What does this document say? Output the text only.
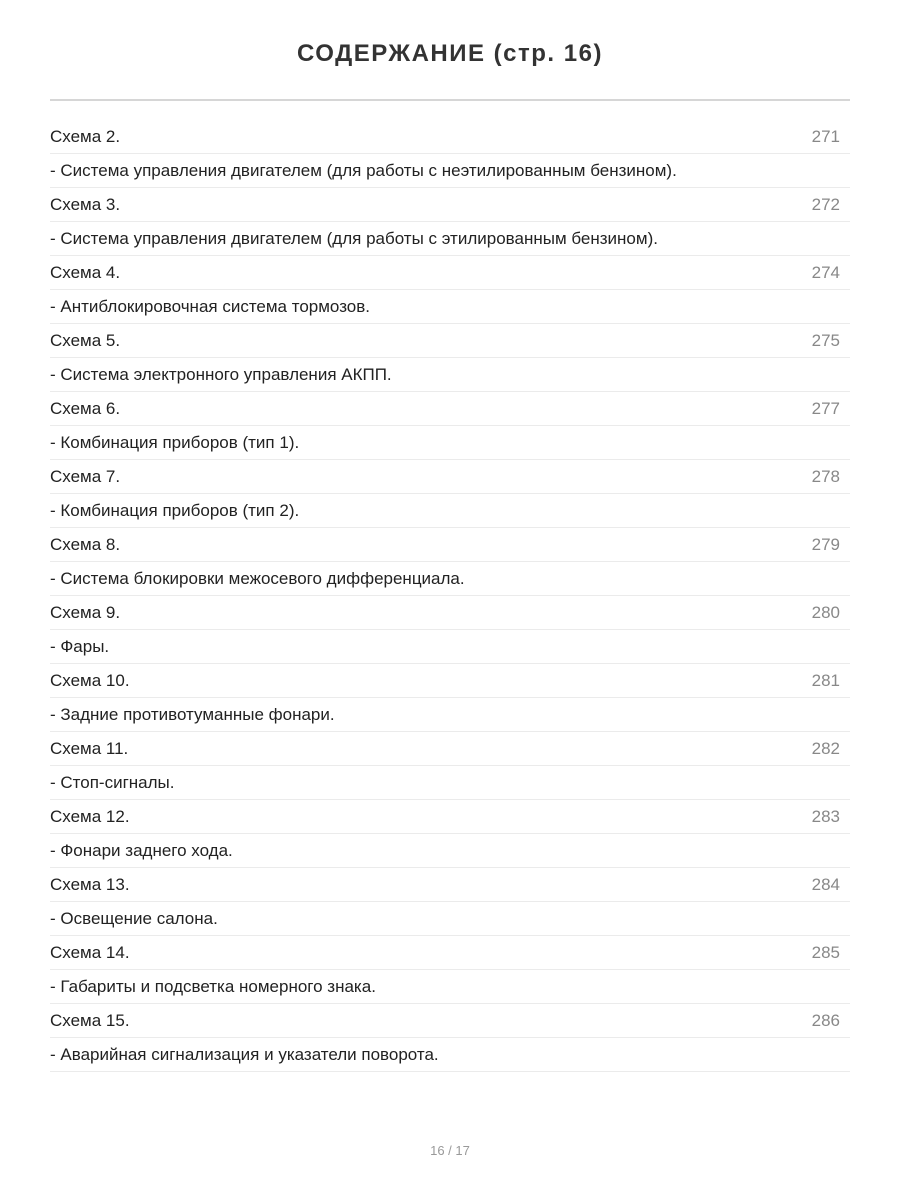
СОДЕРЖАНИЕ (стр. 16)
Схема 2.	271
- Система управления двигателем (для работы с неэтилированным бензином).
Схема 3.	272
- Система управления двигателем (для работы с этилированным бензином).
Схема 4.	274
- Антиблокировочная система тормозов.
Схема 5.	275
- Система электронного управления АКПП.
Схема 6.	277
- Комбинация приборов (тип 1).
Схема 7.	278
- Комбинация приборов (тип 2).
Схема 8.	279
- Система блокировки межосевого дифференциала.
Схема 9.	280
- Фары.
Схема 10.	281
- Задние противотуманные фонари.
Схема 11.	282
- Стоп-сигналы.
Схема 12.	283
- Фонари заднего хода.
Схема 13.	284
- Освещение салона.
Схема 14.	285
- Габариты и подсветка номерного знака.
Схема 15.	286
- Аварийная сигнализация и указатели поворота.
16 / 17
